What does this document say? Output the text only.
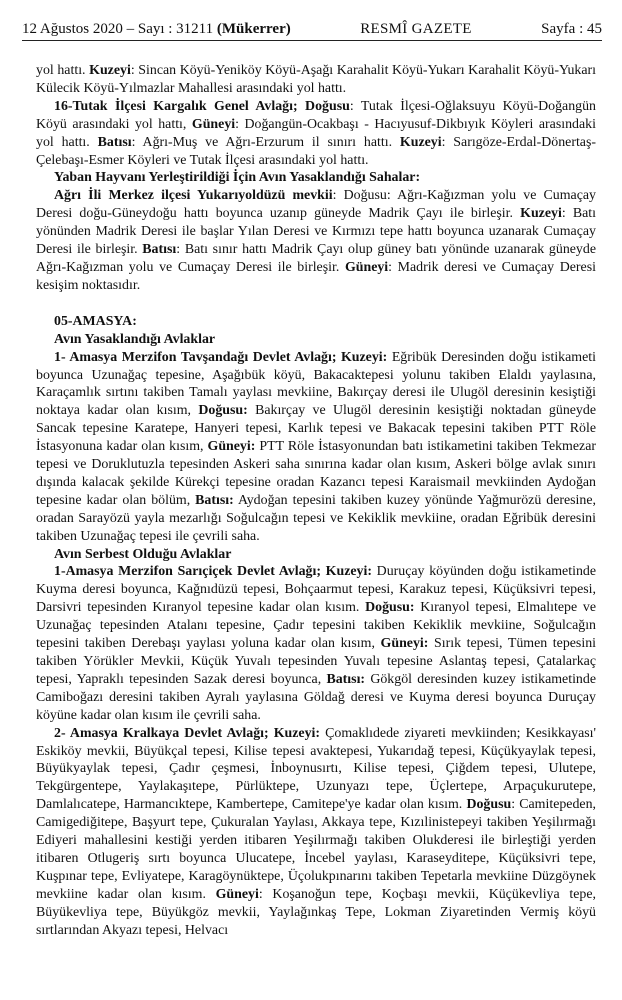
12 Ağustos 2020 – Sayı : 31211 (Mükerrer)	RESMÎ GAZETE	Sayfa : 45

yol hattı. Kuzeyi: Sincan Köyü-Yeniköy Köyü-Aşağı Karahalit Köyü-Yukarı Karahalit Köyü-Yukarı Külecik Köyü-Yılmazlar Mahallesi arasındaki yol hattı.

16-Tutak İlçesi Kargalık Genel Avlağı; Doğusu: Tutak İlçesi-Oğlaksuyu Köyü-Doğangün Köyü arasındaki yol hattı, Güneyi: Doğangün-Ocakbaşı - Hacıyusuf-Dikbıyık Köyleri arasındaki yol hattı. Batısı: Ağrı-Muş ve Ağrı-Erzurum il sınırı hattı. Kuzeyi: Sarıgöze-Erdal-Dönertaş-Çelebaşı-Esmer Köyleri ve Tutak İlçesi arasındaki yol hattı.

Yaban Hayvanı Yerleştirildiği İçin Avın Yasaklandığı Sahalar:

Ağrı İli Merkez ilçesi Yukarıyoldüzü mevkii: Doğusu: Ağrı-Kağızman yolu ve Cumaçay Deresi doğu-Güneydoğu hattı boyunca uzanıp güneyde Madrik Çayı ile birleşir. Kuzeyi: Batı yönünden Madrik Deresi ile başlar Yılan Deresi ve Kırmızı tepe hattı boyunca uzanarak Cumaçay Deresi ile birleşir. Batısı: Batı sınır hattı Madrik Çayı olup güney batı yönünde uzanarak güneyde Ağrı-Kağızman yolu ve Cumaçay Deresi ile birleşir. Güneyi: Madrik deresi ve Cumaçay Deresi kesişim noktasıdır.

05-AMASYA:

Avın Yasaklandığı Avlaklar

1- Amasya Merzifon Tavşandağı Devlet Avlağı; Kuzeyi: Eğribük Deresinden doğu istikameti boyunca Uzunağaç tepesine, Aşağıbük köyü, Bakacaktepesi yolunu takiben Elaldı yaylasına, Karaçamlık sırtını takiben Tamalı yaylası mevkiine, Bakırçay deresi ile Ulugöl deresinin kesiştiği noktaya kadar olan kısım, Doğusu: Bakırçay ve Ulugöl deresinin kesiştiği noktadan güneyde Sancak tepesine Karatepe, Hanyeri tepesi, Karlık tepesi ve Bakacak tepesini takiben PTT Röle İstasyonuna kadar olan kısım, Güneyi: PTT Röle İstasyonundan batı istikametini takiben Tekmezar tepesi ve Doruklutuzla tepesinden Askeri saha sınırına kadar olan kısım, Askeri bölge avlak sınırı dışında kalacak şekilde Kürekçi tepesine oradan Kazancı tepesi Karaismail mevkiinden Aydoğan tepesine kadar olan bölüm, Batısı: Aydoğan tepesini takiben kuzey yönünde Yağmurözü deresine, oradan Sarayözü yayla mezarlığı Soğulcağın tepesi ve Kekiklik mevkiine, oradan Eğribük deresini takiben Uzunağaç tepesi ile çevrili saha.

Avın Serbest Olduğu Avlaklar

1-Amasya Merzifon Sarıçiçek Devlet Avlağı; Kuzeyi: Duruçay köyünden doğu istikametinde Kuyma deresi boyunca, Kağnıdüzü tepesi, Bohçaarmut tepesi, Karakuz tepesi, Küçüksivri tepesi, Darsivri tepesinden Kıranyol tepesine kadar olan kısım. Doğusu: Kıranyol tepesi, Elmalıtepe ve Uzunağaç tepesinden Atalanı tepesine, Çadır tepesini takiben Kekiklik mevkiine, Soğulcağın tepesini takiben Derebaşı yaylası yoluna kadar olan kısım, Güneyi: Sırık tepesi, Tümen tepesini takiben Yörükler Mevkii, Küçük Yuvalı tepesinden Yuvalı tepesine Aslantaş tepesi, Çatalarkaç tepesi, Yapraklı tepesinden Sazak deresi boyunca, Batısı: Gökgöl deresinden kuzey istikametinde Camiboğazı deresini takiben Ayralı yaylasına Göldağ deresi ve Kuyma deresi boyunca Duruçay köyüne kadar olan kısım ile çevrili saha.

2- Amasya Kralkaya Devlet Avlağı; Kuzeyi: Çomaklıdede ziyareti mevkiinden; Kesikkayası' Eskiköy mevkii, Büyükçal tepesi, Kilise tepesi avaktepesi, Yukarıdağ tepesi, Küçükyaylak tepesi, Büyükyaylak tepesi, Çadır çeşmesi, İnboynusırtı, Kilise tepesi, Çiğdem tepesi, Ulutepe, Tekgürgentepe, Yaylakaşıtepe, Pürlüktepe, Uzunyazı tepe, Üçlertepe, Arpaçukurutepe, Damlalıcatepe, Harmancıktepe, Kambertepe, Camitepe'ye kadar olan kısım. Doğusu: Camitepeden, Camigediğitepe, Başyurt tepe, Çukuralan Yaylası, Akkaya tepe, Kızılinistepeyi takiben Yeşilırmağı Ediyeri mahallesini kestiği yerden itibaren Yeşilırmağı takiben Olukderesi ile birleştiği yerden itibaren Otlugeriş sırtı boyunca Ulucatepe, İncebel yaylası, Karaseyditepe, Küçüksivri tepe, Kuşpınar tepe, Evliyatepe, Karagöynüktepe, Üçolukpınarını takiben Tepetarla mevkiine Düzgöynek mevkiine kadar olan kısım. Güneyi: Koşanoğun tepe, Koçbaşı mevkii, Küçükevliya tepe, Büyükevliya tepe, Büyükgöz mevkii, Yaylağınkaş Tepe, Lokman Ziyaretinden Vermiş köyü sırtlarından Akyazı tepesi, Helvacı
